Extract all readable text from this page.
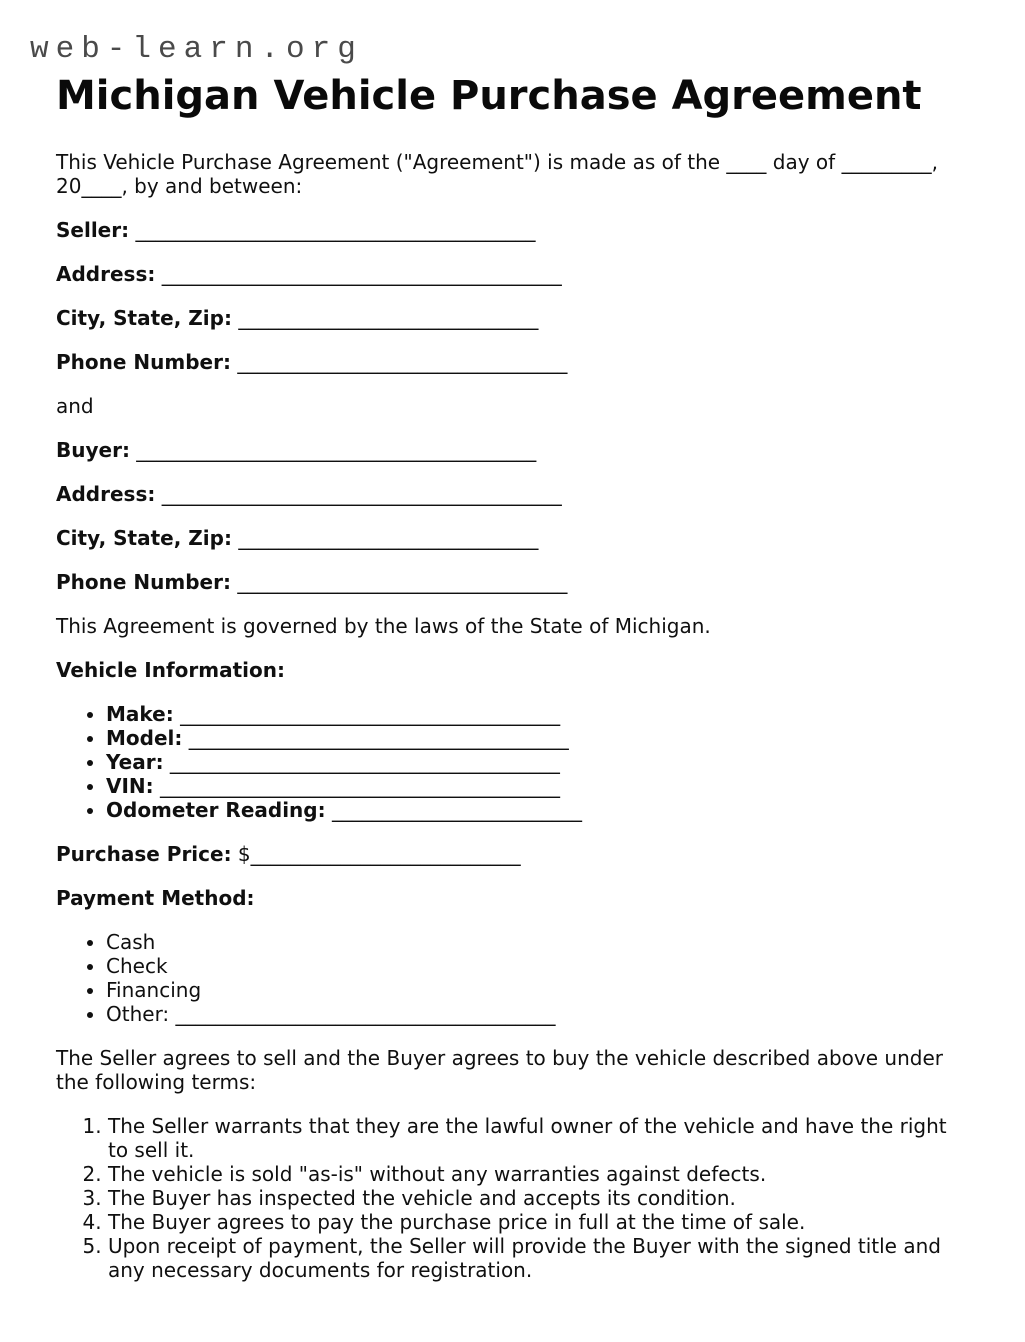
web-learn.org

Michigan Vehicle Purchase Agreement

This Vehicle Purchase Agreement ("Agreement") is made as of the ____ day of _________, 20____, by and between:

Seller: ________________________________________

Address: ________________________________________

City, State, Zip: ______________________________

Phone Number: _________________________________

and

Buyer: ________________________________________

Address: ________________________________________

City, State, Zip: ______________________________

Phone Number: _________________________________

This Agreement is governed by the laws of the State of Michigan.

Vehicle Information:

• Make: ______________________________________
• Model: ______________________________________
• Year: _______________________________________
• VIN: ________________________________________
• Odometer Reading: _________________________

Purchase Price: $___________________________

Payment Method:

• Cash
• Check
• Financing
• Other: ______________________________________

The Seller agrees to sell and the Buyer agrees to buy the vehicle described above under the following terms:

1. The Seller warrants that they are the lawful owner of the vehicle and have the right to sell it.
2. The vehicle is sold "as-is" without any warranties against defects.
3. The Buyer has inspected the vehicle and accepts its condition.
4. The Buyer agrees to pay the purchase price in full at the time of sale.
5. Upon receipt of payment, the Seller will provide the Buyer with the signed title and any necessary documents for registration.
